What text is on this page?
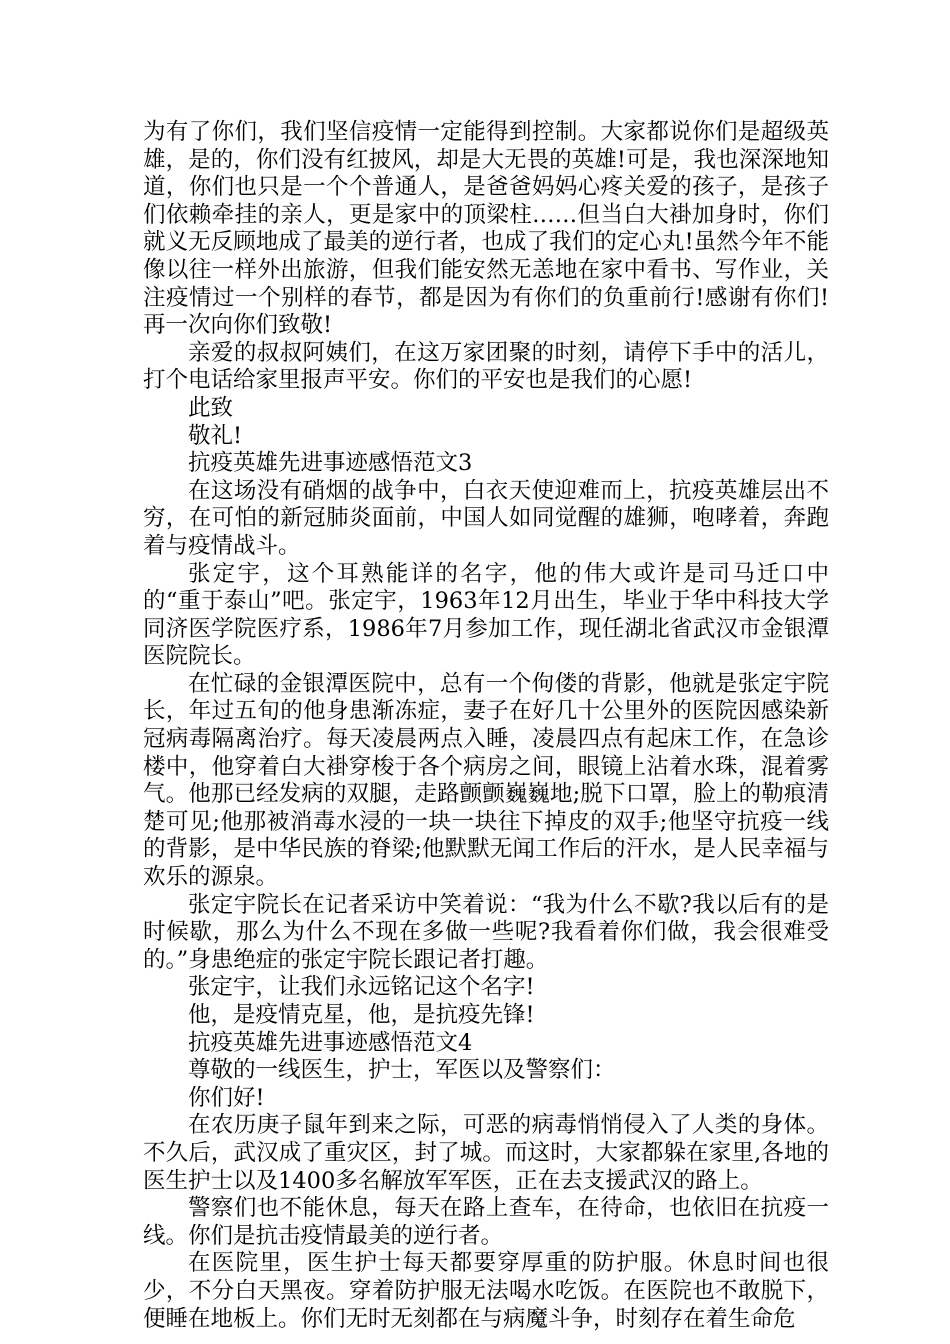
为有了你们，我们坚信疫情一定能得到控制。大家都说你们是超级英雄，是的，你们没有红披风，却是大无畏的英雄!可是，我也深深地知道，你们也只是一个个普通人，是爸爸妈妈心疼关爱的孩子，是孩子们依赖牵挂的亲人，更是家中的顶梁柱……但当白大褂加身时，你们就义无反顾地成了最美的逆行者，也成了我们的定心丸!虽然今年不能像以往一样外出旅游，但我们能安然无恙地在家中看书、写作业，关注疫情过一个别样的春节，都是因为有你们的负重前行!感谢有你们!再一次向你们致敬!

亲爱的叔叔阿姨们，在这万家团聚的时刻，请停下手中的活儿，打个电话给家里报声平安。你们的平安也是我们的心愿!

此致

敬礼!

抗疫英雄先进事迹感悟范文3

在这场没有硝烟的战争中，白衣天使迎难而上，抗疫英雄层出不穷，在可怕的新冠肺炎面前，中国人如同觉醒的雄狮，咆哮着，奔跑着与疫情战斗。

张定宇，这个耳熟能详的名字，他的伟大或许是司马迁口中的“重于泰山”吧。张定宇，1963年12月出生，毕业于华中科技大学同济医学院医疗系，1986年7月参加工作，现任湖北省武汉市金银潭医院院长。

在忙碌的金银潭医院中，总有一个佝偻的背影，他就是张定宇院长，年过五旬的他身患渐冻症，妻子在好几十公里外的医院因感染新冠病毒隔离治疗。每天凌晨两点入睡，凌晨四点有起床工作，在急诊楼中，他穿着白大褂穿梭于各个病房之间，眼镜上沾着水珠，混着雾气。他那已经发病的双腿，走路颤颤巍巍地;脱下口罩，脸上的勒痕清楚可见;他那被消毒水浸的一块一块往下掉皮的双手;他坚守抗疫一线的背影，是中华民族的脊梁;他默默无闻工作后的汗水，是人民幸福与欢乐的源泉。

张定宇院长在记者采访中笑着说：“我为什么不歇?我以后有的是时候歇，那么为什么不现在多做一些呢?我看着你们做，我会很难受的。”身患绝症的张定宇院长跟记者打趣。

张定宇，让我们永远铭记这个名字!

他，是疫情克星，他，是抗疫先锋!

抗疫英雄先进事迹感悟范文4

尊敬的一线医生，护士，军医以及警察们：

你们好!

在农历庚子鼠年到来之际，可恶的病毒悄悄侵入了人类的身体。不久后，武汉成了重灾区，封了城。而这时，大家都躲在家里,各地的医生护士以及1400多名解放军军医，正在去支援武汉的路上。

警察们也不能休息，每天在路上查车，在待命，也依旧在抗疫一线。你们是抗击疫情最美的逆行者。

在医院里，医生护士每天都要穿厚重的防护服。休息时间也很少，不分白天黑夜。穿着防护服无法喝水吃饭。在医院也不敢脱下，便睡在地板上。你们无时无刻都在与病魔斗争，时刻存在着生命危
